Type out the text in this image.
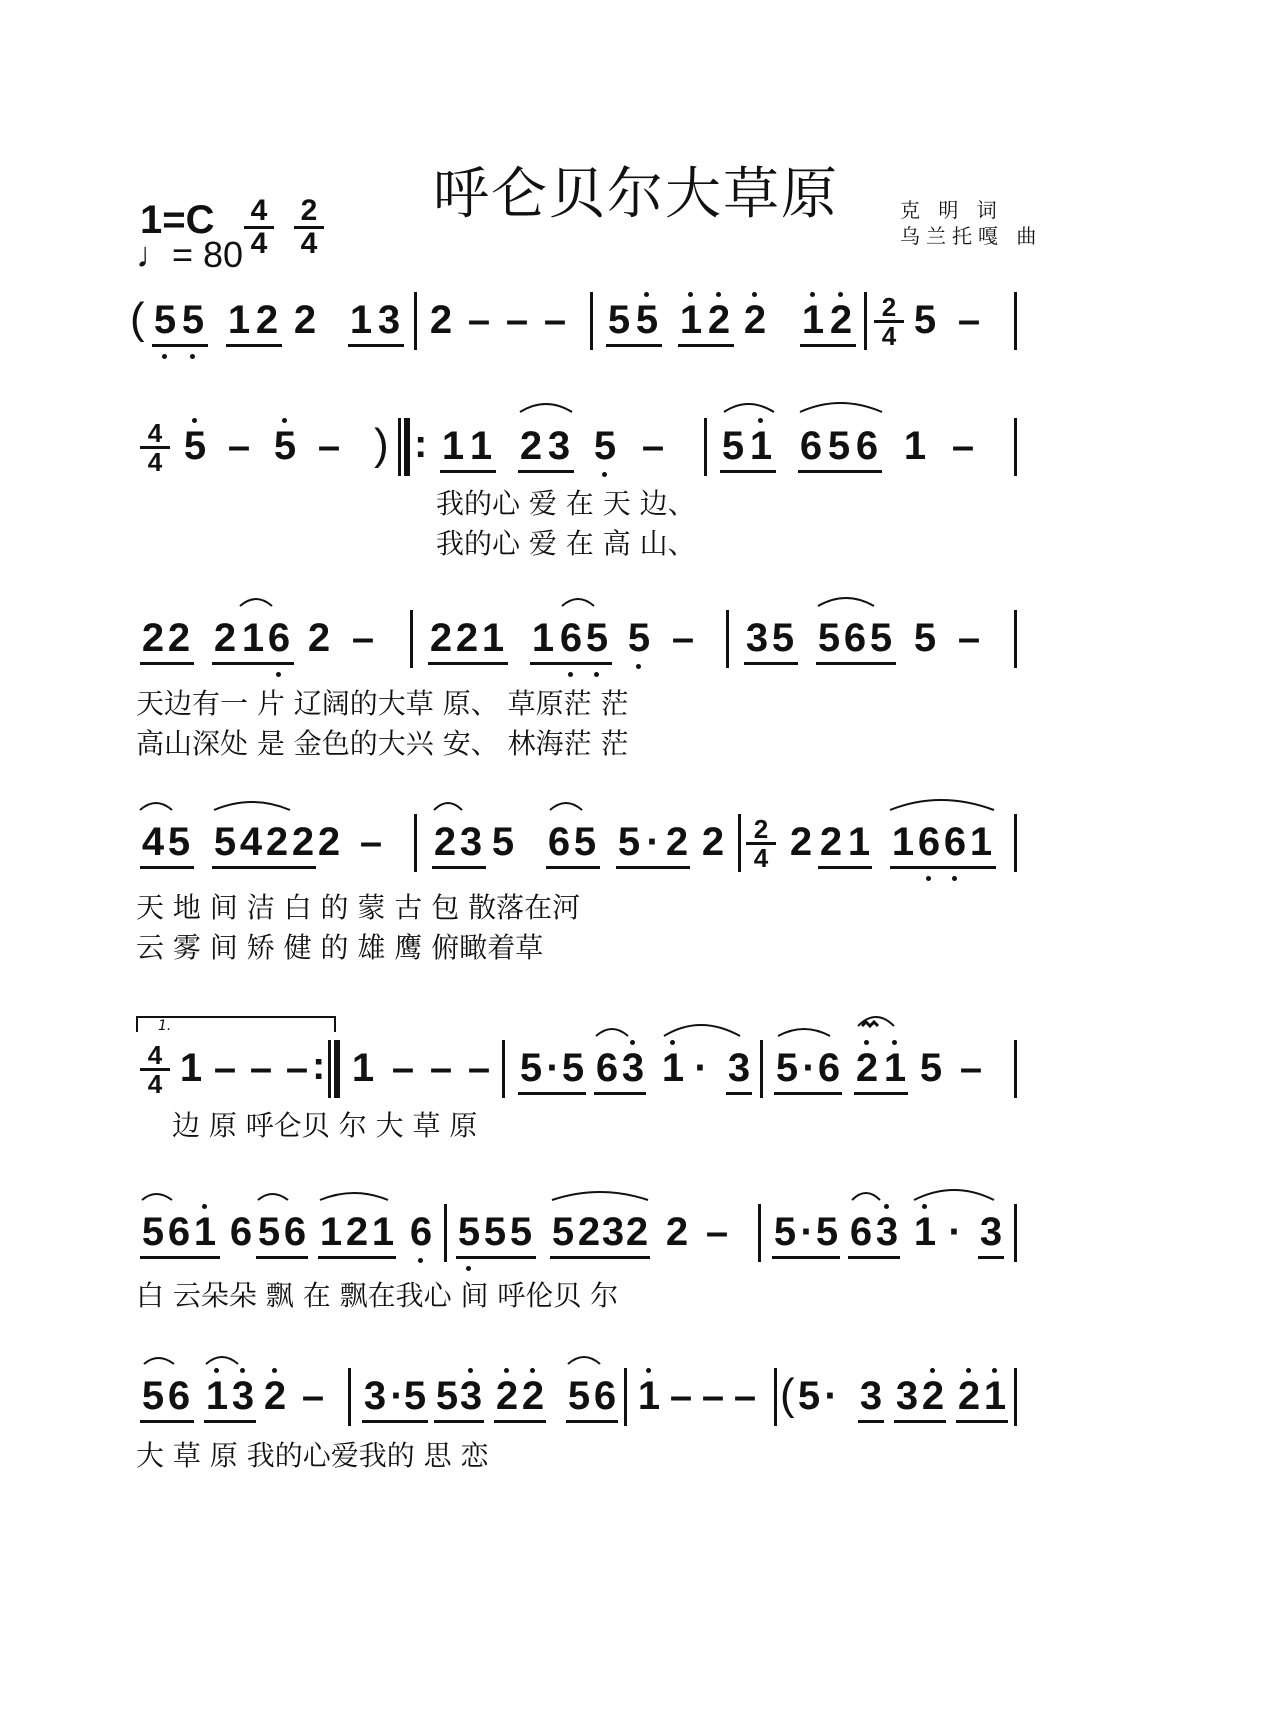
呼仑贝尔大草原	克 明 词
乌兰托嘎 曲
1=C
♩= $80 \frac{4}{4} \frac{2}{4}$
( 5 5 1 2 2 1 3 2 – – – 5 5 1 2 2 1 $2 \frac{2}{4} 5$ –
$\frac{4}{4} 5 - 5$ – ) : 1 1 2 3 5 – 5 1 6 5 6 1 –
我的心 爱 在 天 边、
我的心 爱 在 高 山、
2 2 2 1 6 2 – 2 2 1 1 6 5 5 – 3 5 5 6 5 5 –
天边有一 片 辽阔的大草 原、 草原茫 茫
高山深处 是 金色的大兴 安、 林海茫 茫
4 5 5 4 2 2 2 – 2 3 5 6 5 5 · 2 $2 \frac{2}{4} 2$ 2 1 1 6 6 1
天 地 间 洁 白 的 蒙 古 包 散落在河
云 雾 间 矫 健 的 雄 鹰 俯瞰着草
1.
$\frac{4}{4} 1$ – – – : 1 – – – 5 · 5 6 3 1 · 3 5 · 6 2 1 5 –
边 原 呼仑贝 尔 大 草 原
5 6 1 6 5 6 1 2 1 6 5 5 5 5 2 3 2 2 – 5 · 5 6 3 1 · 3
白 云朵朵 飘 在 飘在我心 间 呼伦贝 尔
5 6 1 3 2 – 3 · 5 5 3 2 2 5 6 1 – – – ( 5 · 3 3 2 2 1
大 草 原 我的心爱我的 思 恋
